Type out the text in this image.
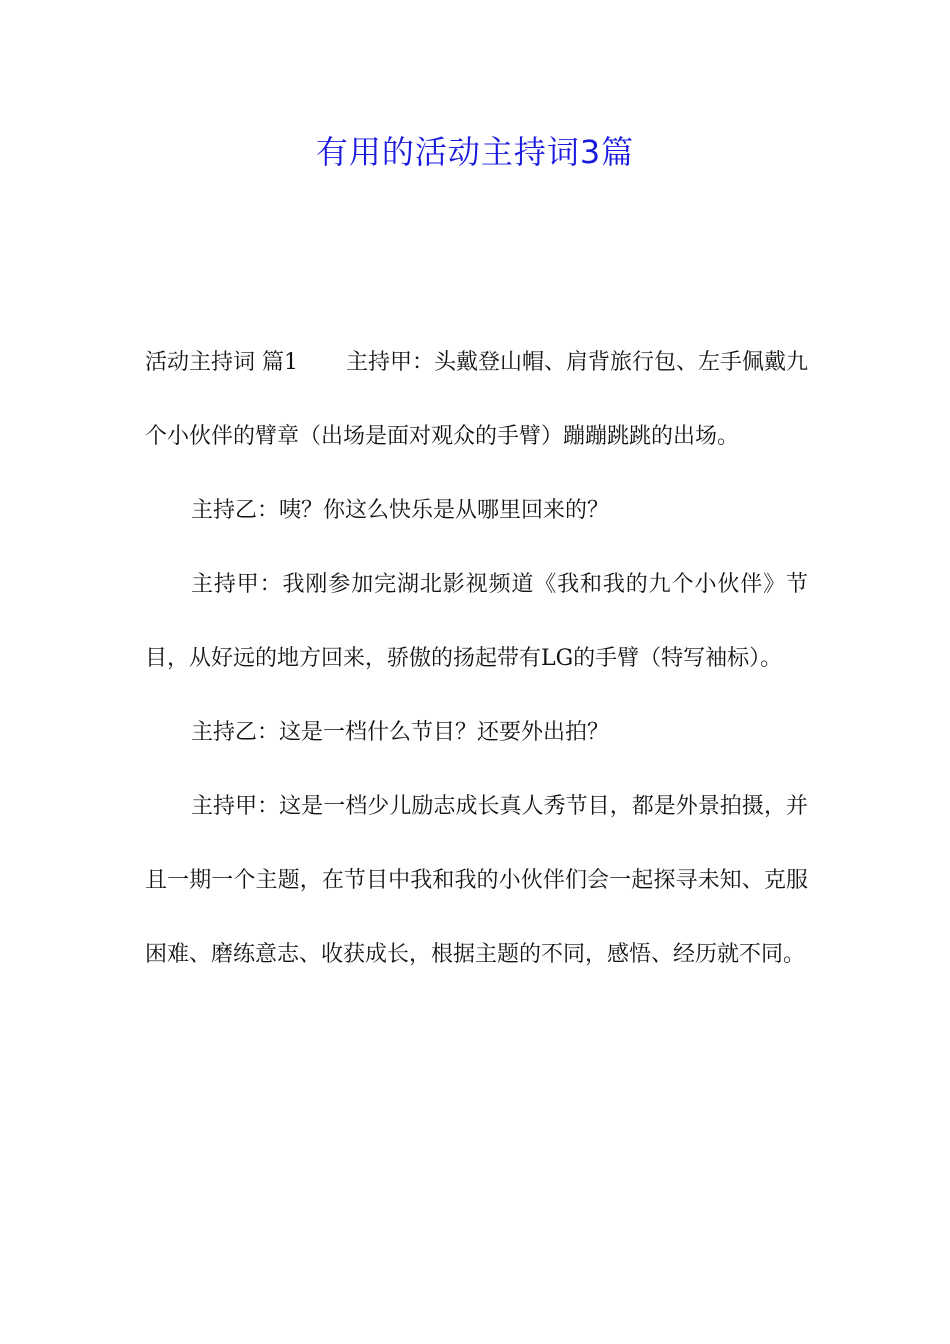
有用的活动主持词3篇

活动主持词 篇1 主持甲：头戴登山帽、肩背旅行包、左手佩戴九个小伙伴的臂章（出场是面对观众的手臂）蹦蹦跳跳的出场。

主持乙：咦？你这么快乐是从哪里回来的？

主持甲：我刚参加完湖北影视频道《我和我的九个小伙伴》节目，从好远的地方回来，骄傲的扬起带有LG的手臂（特写袖标）。

主持乙：这是一档什么节目？还要外出拍？

主持甲：这是一档少儿励志成长真人秀节目，都是外景拍摄，并且一期一个主题，在节目中我和我的小伙伴们会一起探寻未知、克服困难、磨练意志、收获成长，根据主题的不同，感悟、经历就不同。
